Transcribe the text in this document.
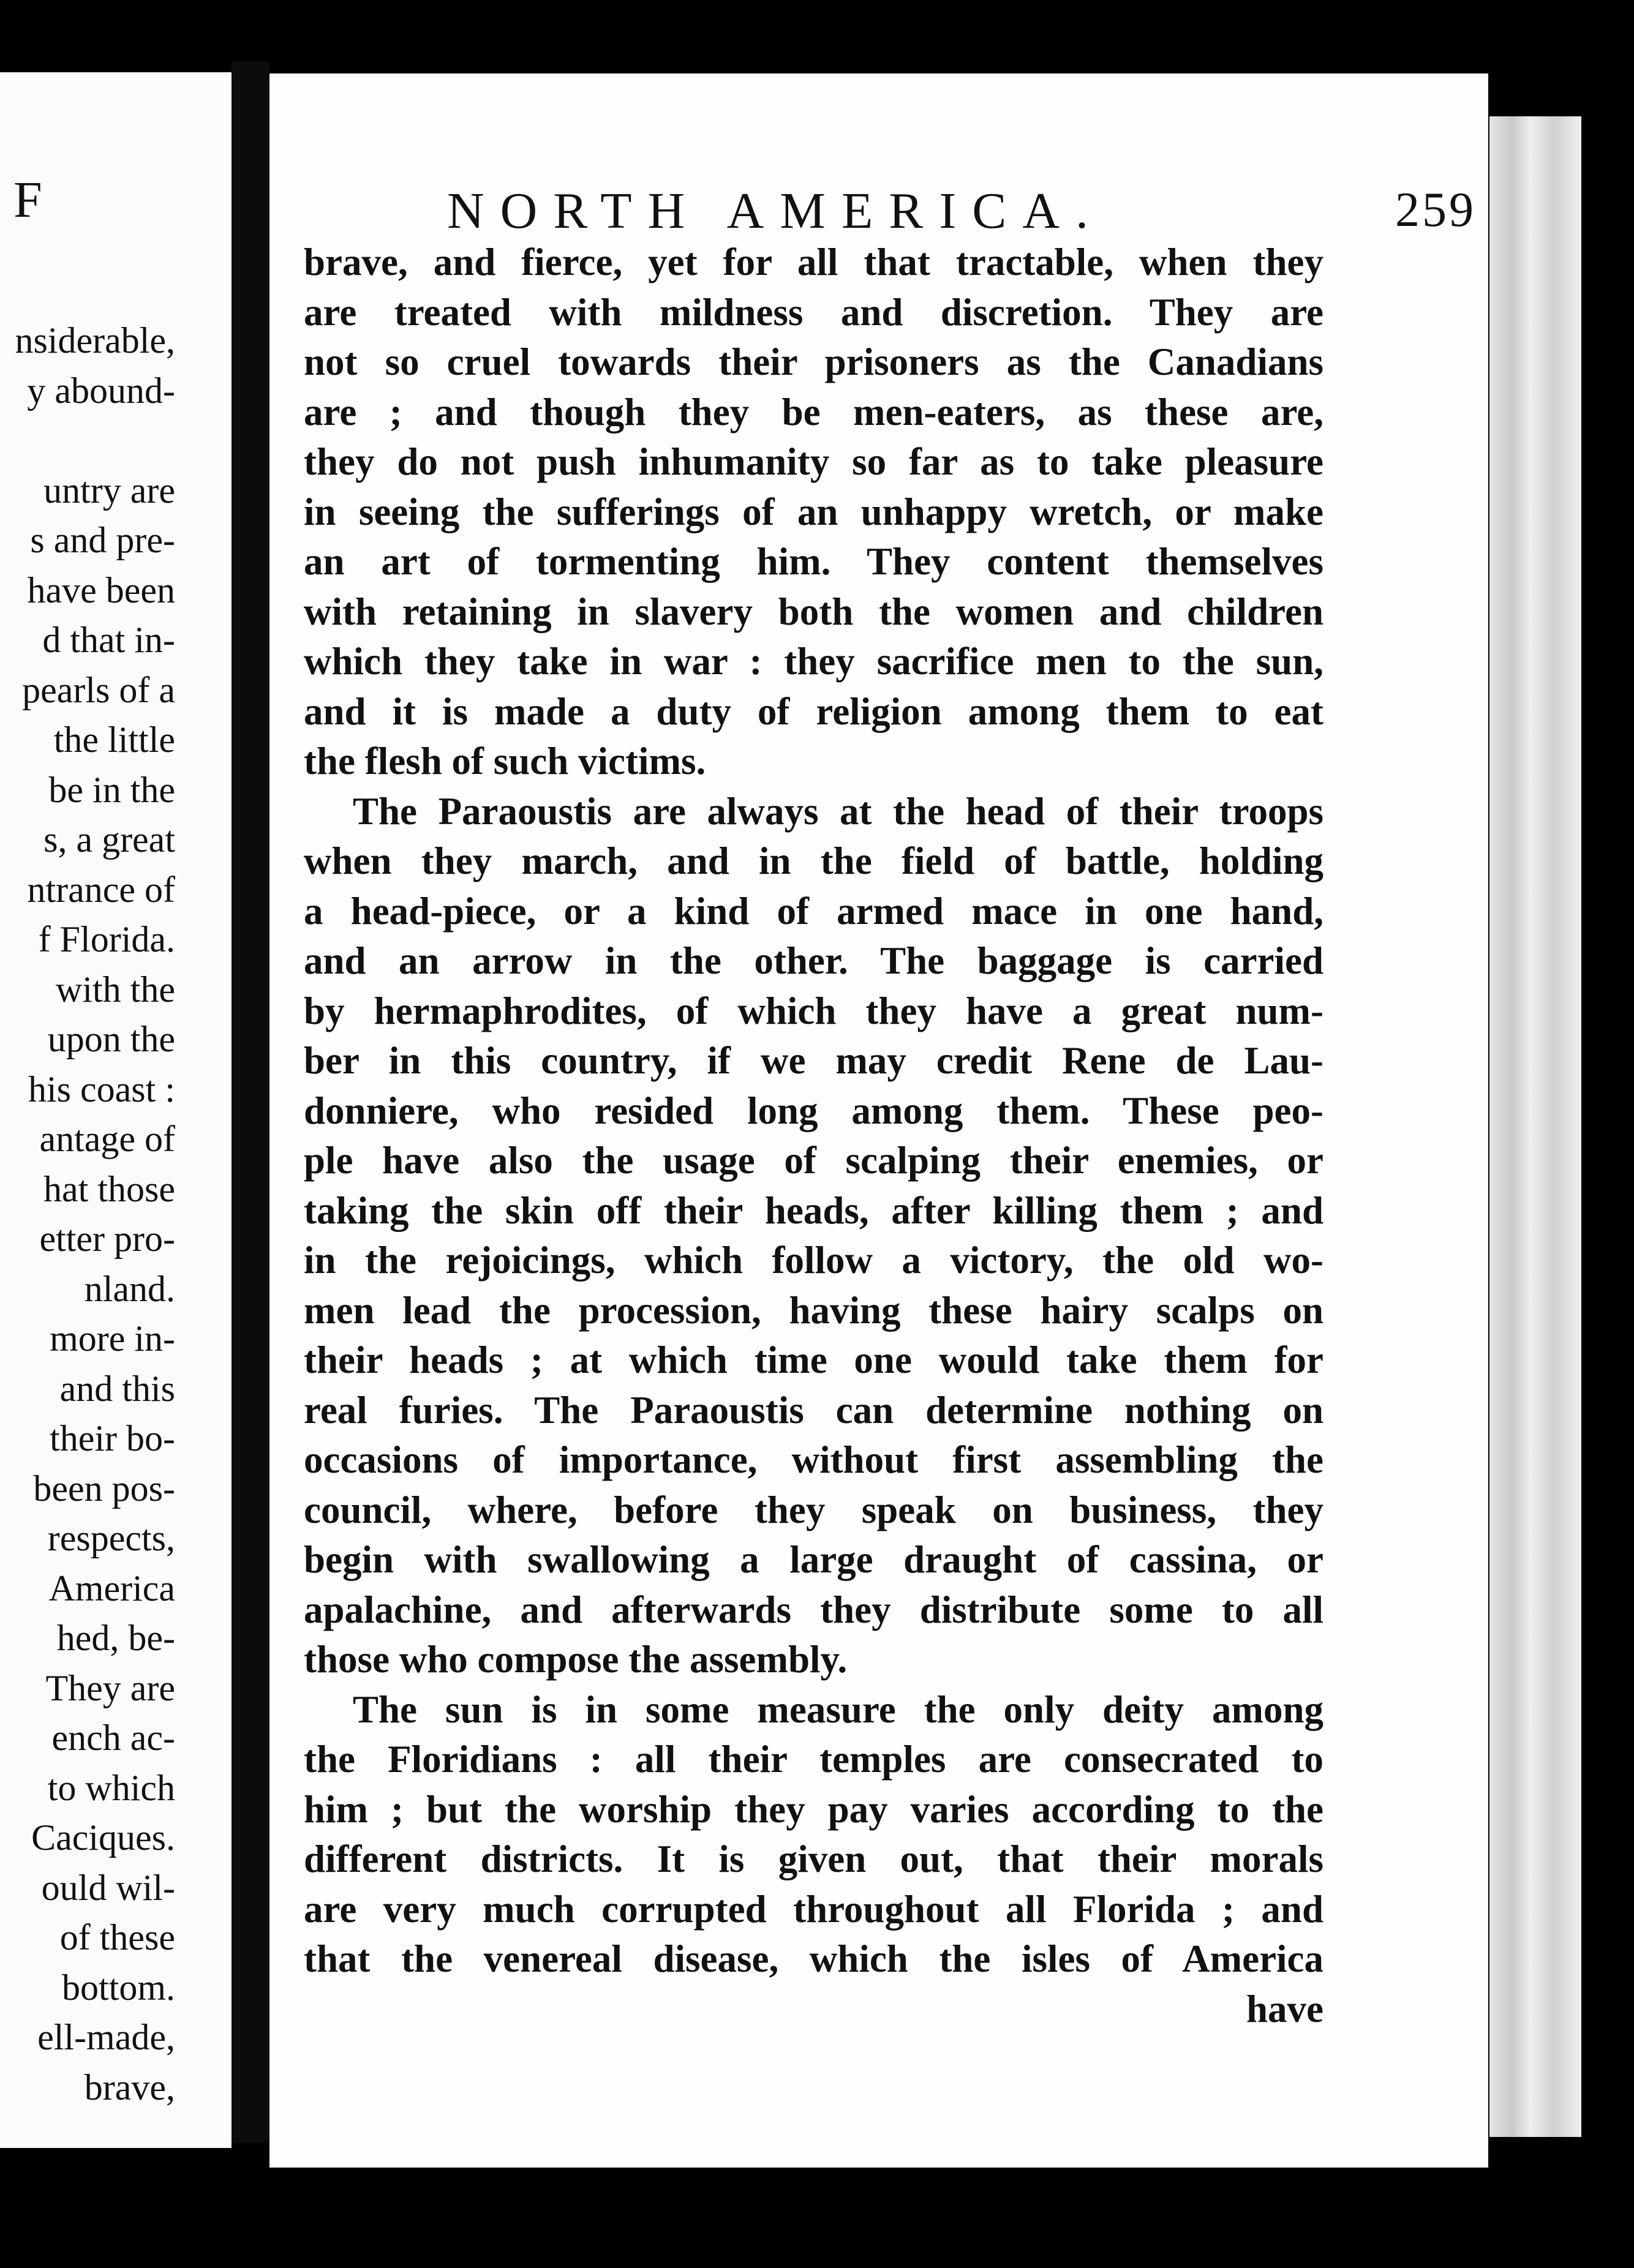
F
nsiderable,
y abound-
untry are
s and pre-
have been
d that in-
pearls of a
the little
be in the
s, a great
ntrance of
f Florida.
with the
upon the
his coast :
antage of
hat those
etter pro-
nland.
more in-
and this
their bo-
been pos-
respects,
America
hed, be-
They are
ench ac-
to which
Caciques.
ould wil-
of these
bottom.
ell-made,
brave,
NORTH AMERICA.	259
brave, and fierce, yet for all that tractable, when they
are treated with mildness and discretion. They are
not so cruel towards their prisoners as the Canadians
are ; and though they be men-eaters, as these are,
they do not push inhumanity so far as to take pleasure
in seeing the sufferings of an unhappy wretch, or make
an art of tormenting him. They content themselves
with retaining in slavery both the women and children
which they take in war : they sacrifice men to the sun,
and it is made a duty of religion among them to eat
the flesh of such victims.
The Paraoustis are always at the head of their troops
when they march, and in the field of battle, holding
a head-piece, or a kind of armed mace in one hand,
and an arrow in the other. The baggage is carried
by hermaphrodites, of which they have a great num-
ber in this country, if we may credit Rene de Lau-
donniere, who resided long among them. These peo-
ple have also the usage of scalping their enemies, or
taking the skin off their heads, after killing them ; and
in the rejoicings, which follow a victory, the old wo-
men lead the procession, having these hairy scalps on
their heads ; at which time one would take them for
real furies. The Paraoustis can determine nothing on
occasions of importance, without first assembling the
council, where, before they speak on business, they
begin with swallowing a large draught of cassina, or
apalachine, and afterwards they distribute some to all
those who compose the assembly.
The sun is in some measure the only deity among
the Floridians : all their temples are consecrated to
him ; but the worship they pay varies according to the
different districts. It is given out, that their morals
are very much corrupted throughout all Florida ; and
that the venereal disease, which the isles of America
have
